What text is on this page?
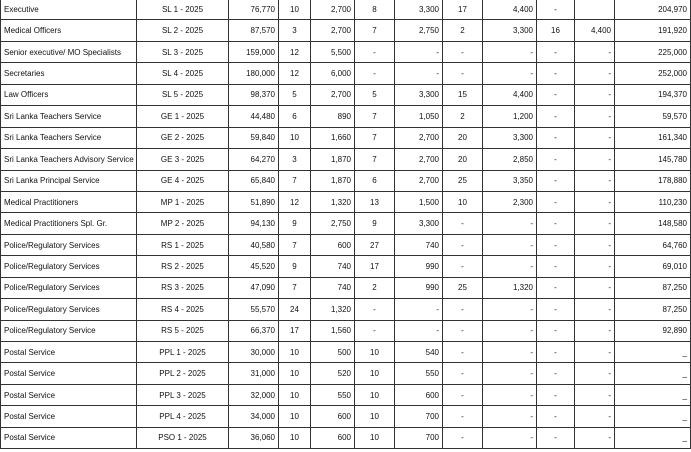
Executive	SL 1 - 2025	76,770	10	2,700	8	3,300	17	4,400	-		204,970
Medical Officers	SL 2 - 2025	87,570	3	2,700	7	2,750	2	3,300	16	4,400	191,920
Senior executive/ MO Specialists	SL 3 - 2025	159,000	12	5,500	-	-	-	-	-	-	225,000
Secretaries	SL 4 - 2025	180,000	12	6,000	-	-	-	-	-	-	252,000
Law Officers	SL 5 - 2025	98,370	5	2,700	5	3,300	15	4,400	-	-	194,370
Sri Lanka Teachers Service	GE 1 - 2025	44,480	6	890	7	1,050	2	1,200	-	-	59,570
Sri Lanka Teachers Service	GE 2 - 2025	59,840	10	1,660	7	2,700	20	3,300	-	-	161,340
Sri Lanka Teachers Advisory Service	GE 3 - 2025	64,270	3	1,870	7	2,700	20	2,850	-	-	145,780
Sri Lanka Principal Service	GE 4 - 2025	65,840	7	1,870	6	2,700	25	3,350	-	-	178,880
Medical Practitioners	MP 1 - 2025	51,890	12	1,320	13	1,500	10	2,300	-	-	110,230
Medical Practitioners Spl. Gr.	MP 2 - 2025	94,130	9	2,750	9	3,300	-	-	-	-	148,580
Police/Regulatory Services	RS 1 - 2025	40,580	7	600	27	740	-	-	-	-	64,760
Police/Regulatory Services	RS 2 - 2025	45,520	9	740	17	990	-	-	-	-	69,010
Police/Regulatory Services	RS 3 - 2025	47,090	7	740	2	990	25	1,320	-	-	87,250
Police/Regulatory Services	RS 4 - 2025	55,570	24	1,320	-	-	-	-	-	-	87,250
Police/Regulatory Service	RS 5 - 2025	66,370	17	1,560	-	-	-	-	-	-	92,890
Postal Service	PPL 1 - 2025	30,000	10	500	10	540	-	-	-	-	_
Postal Service	PPL 2 - 2025	31,000	10	520	10	550	-	-	-	-	_
Postal Service	PPL 3 - 2025	32,000	10	550	10	600	-	-	-	-	_
Postal Service	PPL 4 - 2025	34,000	10	600	10	700	-	-	-	-	_
Postal Service	PSO 1 - 2025	36,060	10	600	10	700	-	-	-	-	_
